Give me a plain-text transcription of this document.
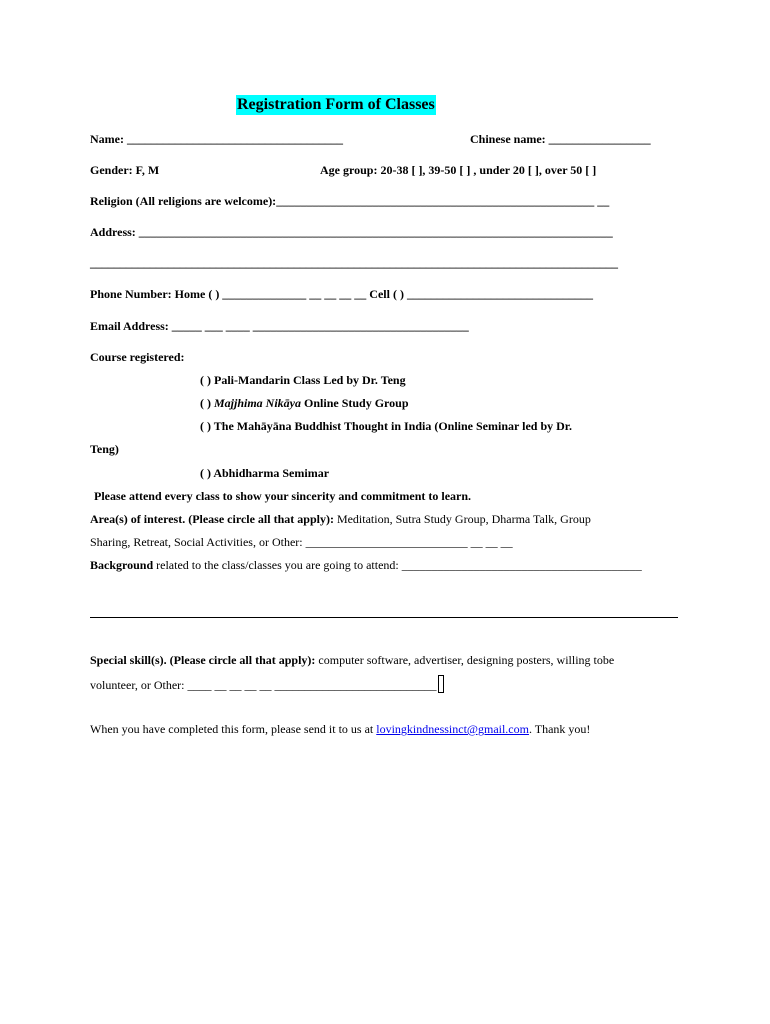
Registration Form of Classes
Name: ____________________________________	Chinese name: _________________
Gender: F, M	Age group: 20-38 [ ], 39-50 [ ] , under 20 [ ], over 50 [ ]
Religion (All religions are welcome):_____________________________________________________ __
Address: _______________________________________________________________________________
________________________________________________________________________________________
Phone Number: Home ( ) ______________ __ __ __ __ Cell ( ) _______________________________
Email Address: _____ ___ ____ ____________________________________
Course registered:
( ) Pali-Mandarin Class Led by Dr. Teng
( ) Majjhima Nikāya Online Study Group
( ) The Mahāyāna Buddhist Thought in India (Online Seminar led by Dr.
Teng)
( ) Abhidharma Semimar
Please attend every class to show your sincerity and commitment to learn.
Area(s) of interest. (Please circle all that apply): Meditation, Sutra Study Group, Dharma Talk, Group
Sharing, Retreat, Social Activities, or Other: ___________________________ __ __ __
Background related to the class/classes you are going to attend: ________________________________________
Special skill(s). (Please circle all that apply): computer software, advertiser, designing posters, willing tobe
volunteer, or Other: ____ __ __ __ __ ___________________________
When you have completed this form, please send it to us at lovingkindnessinct@gmail.com. Thank you!
